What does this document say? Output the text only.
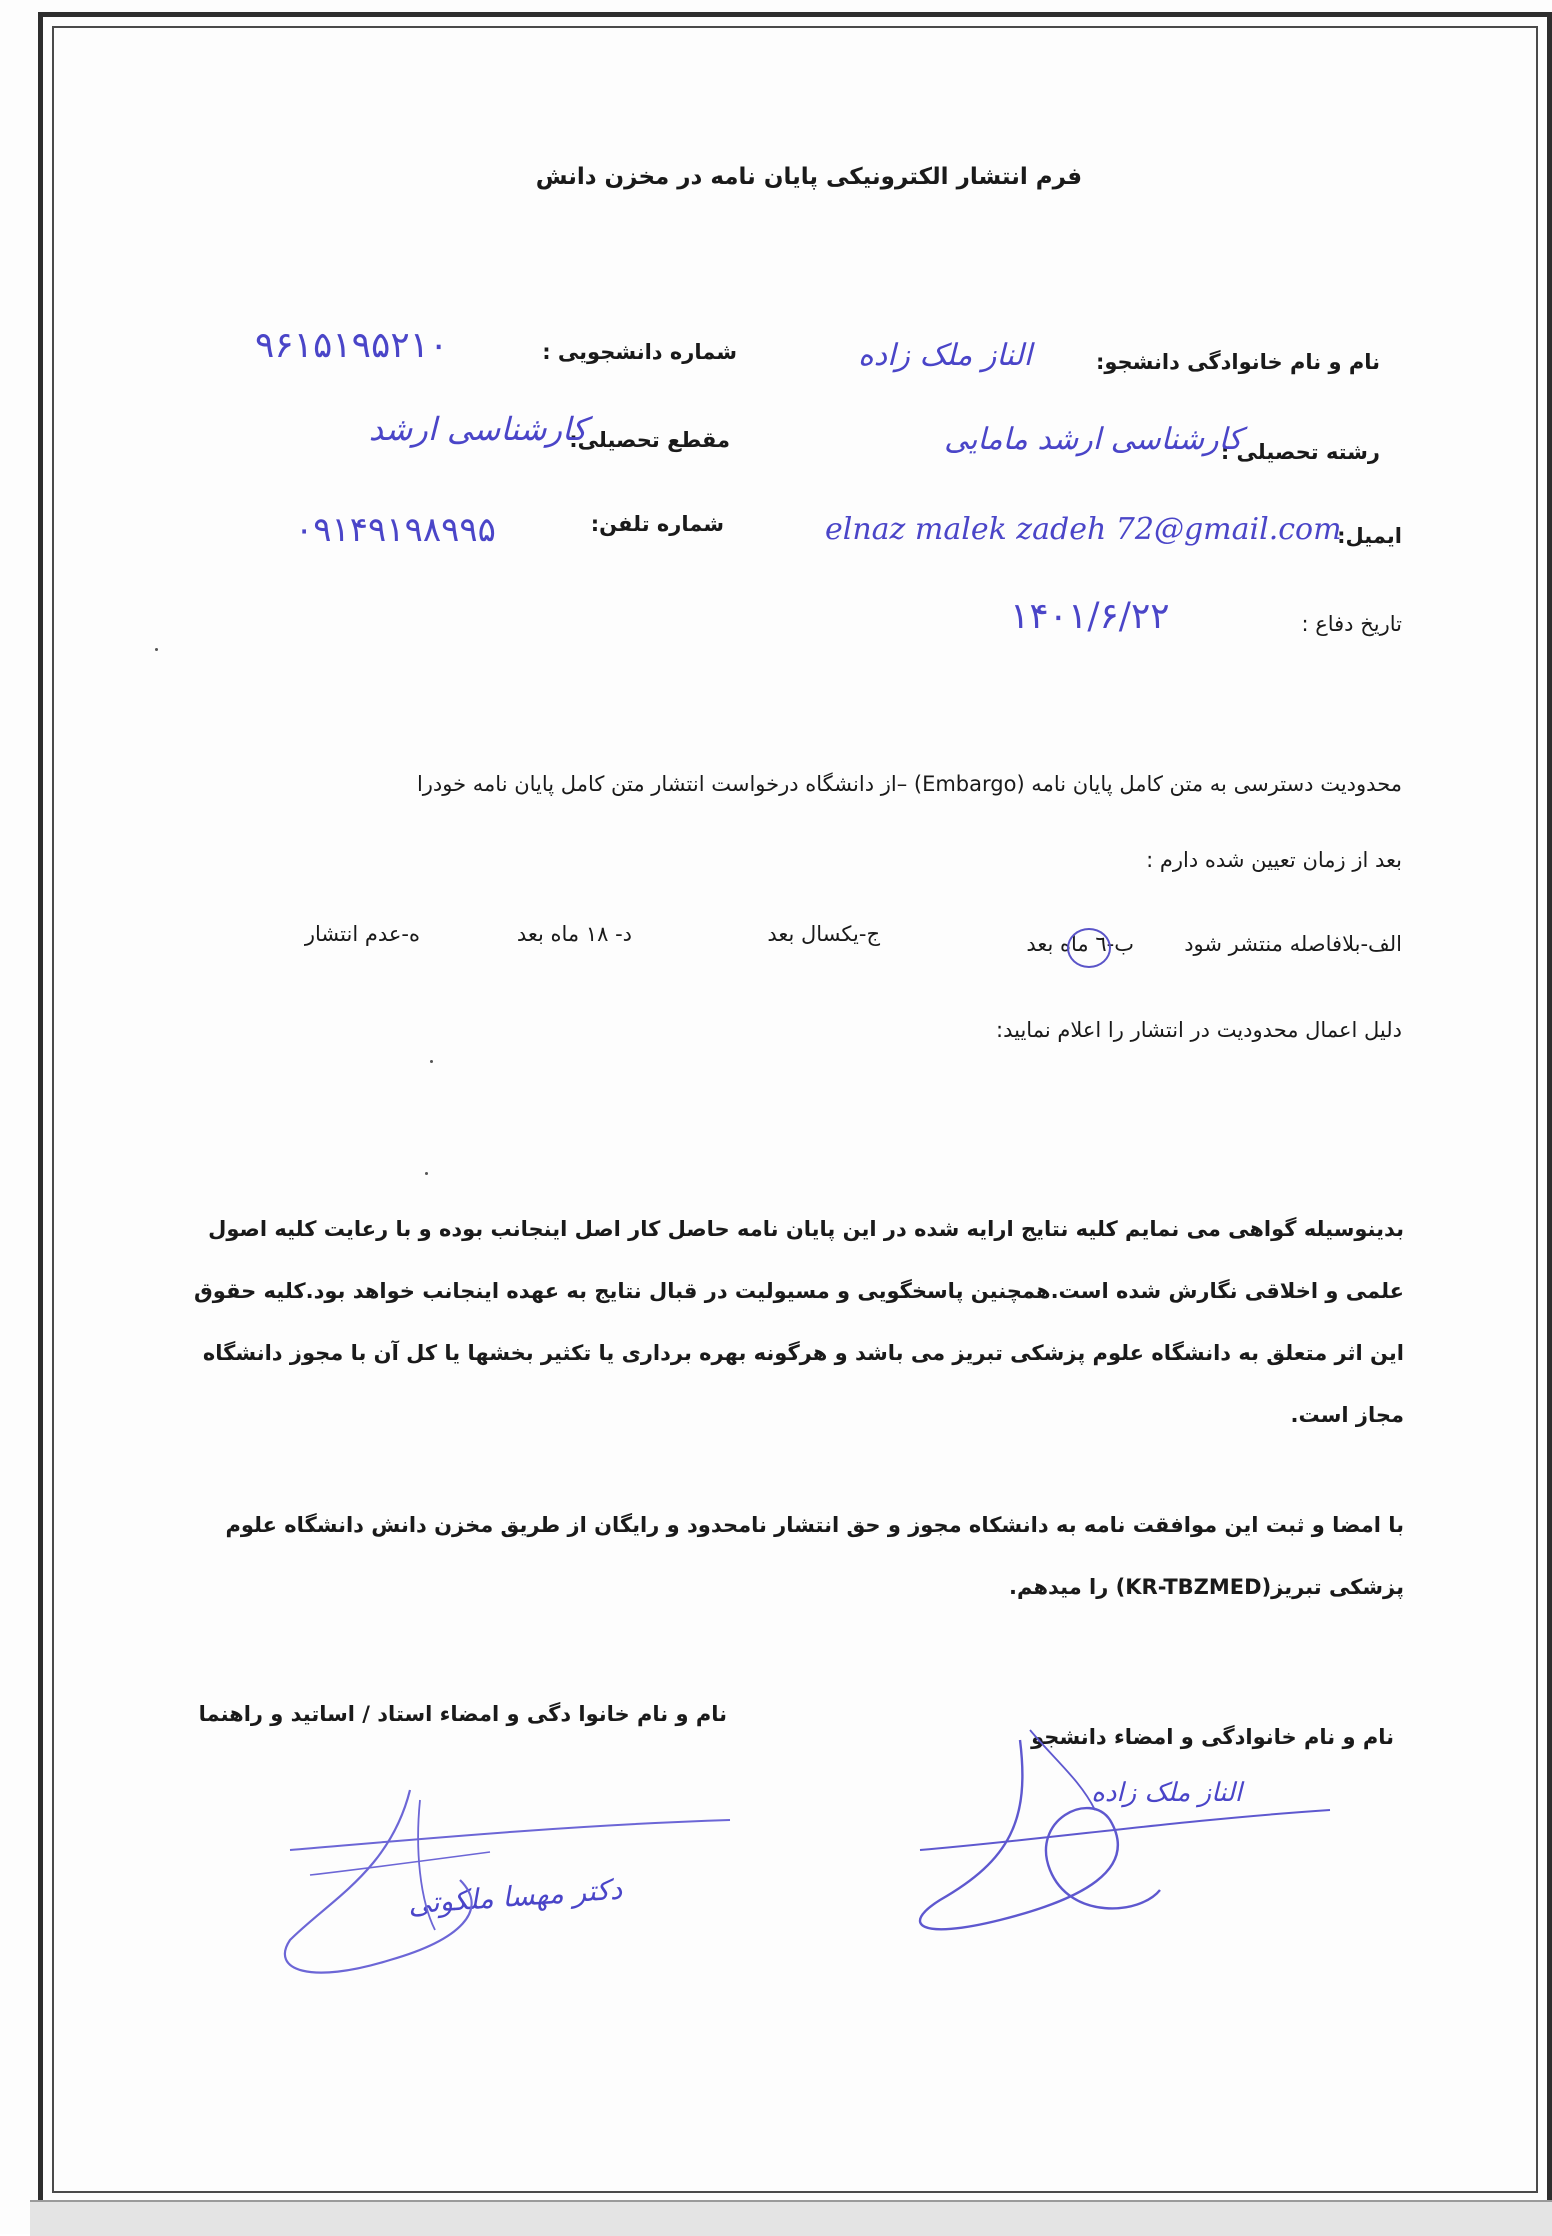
فرم انتشار الکترونیکی پایان نامه در مخزن دانش
نام و نام خانوادگی دانشجو:
الناز ملک زاده
شماره دانشجویی :
۹۶۱۵۱۹۵۲۱۰
رشته تحصیلی :
کارشناسی ارشد مامایی
مقطع تحصیلی:
کارشناسی ارشد
ایمیل:
elnaz malek zadeh 72@gmail.com
شماره تلفن:
۰۹۱۴۹۱۹۸۹۹۵
تاریخ دفاع :
۱۴۰۱/۶/۲۲
محدودیت دسترسی به متن کامل پایان نامه (Embargo) –از دانشگاه درخواست انتشار متن کامل پایان نامه خودرا
بعد از زمان تعیین شده دارم :
الف-بلافاصله منتشر شود
ب-٦ ماه بعد
ج-یکسال بعد
د- ۱۸ ماه بعد
ه-عدم انتشار
دلیل اعمال محدودیت در انتشار را اعلام نمایید:
بدینوسیله گواهی می نمایم کلیه نتایج ارایه شده در این پایان نامه حاصل کار اصل اینجانب بوده و با رعایت کلیه اصول
علمی و اخلاقی نگارش شده است.همچنین پاسخگویی و مسیولیت در قبال نتایج به عهده اینجانب خواهد بود.کلیه حقوق
این اثر متعلق به دانشگاه علوم پزشکی تبریز می باشد و هرگونه بهره برداری یا تکثیر بخشها یا کل آن با مجوز دانشگاه
مجاز است.
با امضا و ثبت این موافقت نامه به دانشکاه مجوز و حق انتشار نامحدود و رایگان از طریق مخزن دانش دانشگاه علوم
پزشکی تبریز(KR-TBZMED) را میدهم.
نام و نام خانوادگی و امضاء دانشجو
نام و نام خانوا دگی و امضاء استاد / اساتید و راهنما
الناز ملک زاده
دکتر مهسا ملکوتی
